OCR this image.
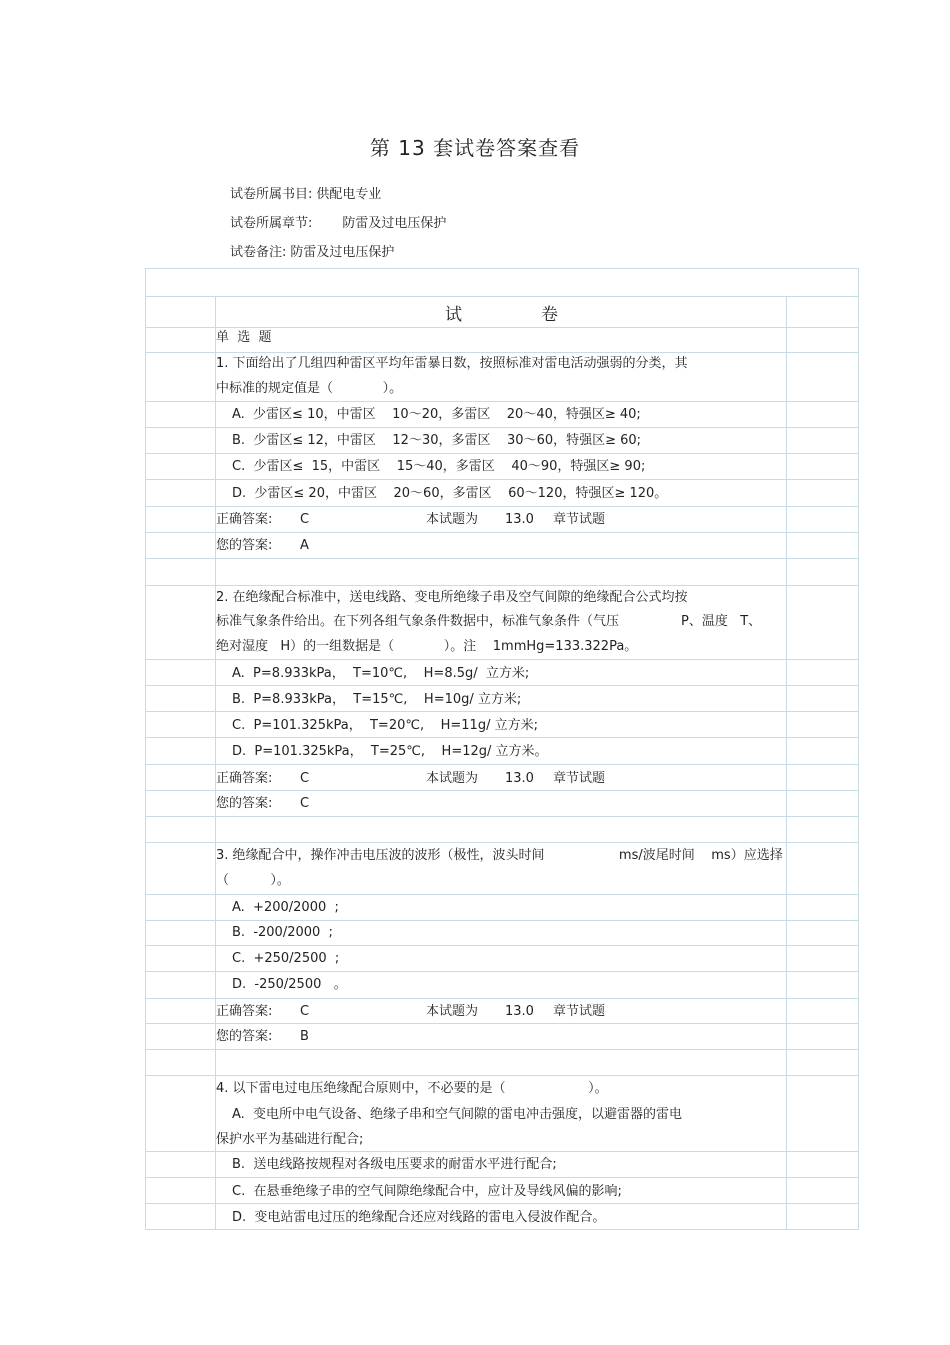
第 13 套试卷答案查看
试卷所属书目: 供配电专业
试卷所属章节: 防雷及过电压保护
试卷备注: 防雷及过电压保护
试	卷
单  选  题
1. 下面给出了几组四种雷区平均年雷暴日数，按照标准对雷电活动强弱的分类，其
中标准的规定值是（            ）。
A.  少雷区≤ 10，中雷区    10～20，多雷区    20～40，特强区≥ 40;
B.  少雷区≤ 12，中雷区    12～30，多雷区    30～60，特强区≥ 60;
C.  少雷区≤  15，中雷区    15～40，多雷区    40～90，特强区≥ 90;
D.  少雷区≤ 20，中雷区    20～60，多雷区    60～120，特强区≥ 120。
正确答案: C	本试题为 13.0 章节试题
您的答案: A
2. 在绝缘配合标准中，送电线路、变电所绝缘子串及空气间隙的绝缘配合公式均按
标准气象条件给出。在下列各组气象条件数据中，标准气象条件（气压               P、温度   T、
绝对湿度   H）的一组数据是（            ）。注    1mmHg=133.322Pa。
A.  P=8.933kPa，  T=10℃,    H=8.5g/  立方米;
B.  P=8.933kPa，  T=15℃,    H=10g/ 立方米;
C.  P=101.325kPa，  T=20℃,    H=11g/ 立方米;
D.  P=101.325kPa，  T=25℃,    H=12g/ 立方米。
正确答案: C	本试题为 13.0 章节试题
您的答案: C
3. 绝缘配合中，操作冲击电压波的波形（极性，波头时间                  ms/波尾时间    ms）应选择
（          ）。
A.  +200/2000  ;
B.  -200/2000  ;
C.  +250/2500  ;
D.  -250/2500   。
正确答案: C	本试题为 13.0 章节试题
您的答案: B
4. 以下雷电过电压绝缘配合原则中，不必要的是（                    ）。
A.  变电所中电气设备、绝缘子串和空气间隙的雷电冲击强度，以避雷器的雷电
保护水平为基础进行配合;
B.  送电线路按规程对各级电压要求的耐雷水平进行配合;
C.  在悬垂绝缘子串的空气间隙绝缘配合中，应计及导线风偏的影响;
D.  变电站雷电过压的绝缘配合还应对线路的雷电入侵波作配合。
